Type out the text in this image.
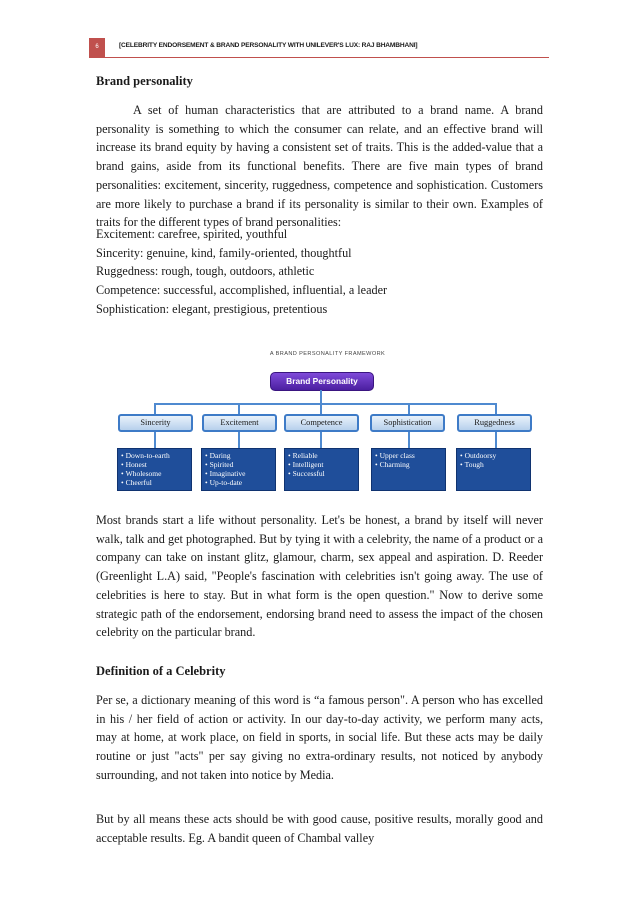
6	[CELEBRITY ENDORSEMENT & BRAND PERSONALITY WITH UNILEVER'S LUX: RAJ BHAMBHANI]
Brand personality

A set of human characteristics that are attributed to a brand name. A brand personality is something to which the consumer can relate, and an effective brand will increase its brand equity by having a consistent set of traits. This is the added-value that a brand gains, aside from its functional benefits. There are five main types of brand personalities: excitement, sincerity, ruggedness, competence and sophistication. Customers are more likely to purchase a brand if its personality is similar to their own. Examples of traits for the different types of brand personalities:

Excitement: carefree, spirited, youthful
Sincerity: genuine, kind, family-oriented, thoughtful
Ruggedness: rough, tough, outdoors, athletic
Competence: successful, accomplished, influential, a leader
Sophistication: elegant, prestigious, pretentious
A BRAND PERSONALITY FRAMEWORK
Brand Personality
Sincerity	Excitement	Competence	Sophistication	Ruggedness
• Down-to-earth
• Honest
• Wholesome
• Cheerful
• Daring
• Spirited
• Imaginative
• Up-to-date
• Reliable
• Intelligent
• Successful
• Upper class
• Charming
• Outdoorsy
• Tough

Most brands start a life without personality. Let's be honest, a brand by itself will never walk, talk and get photographed. But by tying it with a celebrity, the name of a product or a company can take on instant glitz, glamour, charm, sex appeal and aspiration. D. Reeder (Greenlight L.A) said, "People's fascination with celebrities isn't going away. The use of celebrities is here to stay. But in what form is the open question." Now to derive some strategic path of the endorsement, endorsing brand need to assess the impact of the chosen celebrity on the particular brand.

Definition of a Celebrity

Per se, a dictionary meaning of this word is “a famous person". A person who has excelled in his / her field of action or activity. In our day-to-day activity, we perform many acts, may at home, at work place, on field in sports, in social life. But these acts may be daily routine or just "acts" per say giving no extra-ordinary results, not noticed by anybody surrounding, and not taken into notice by Media.

But by all means these acts should be with good cause, positive results, morally good and acceptable results. Eg. A bandit queen of Chambal valley
